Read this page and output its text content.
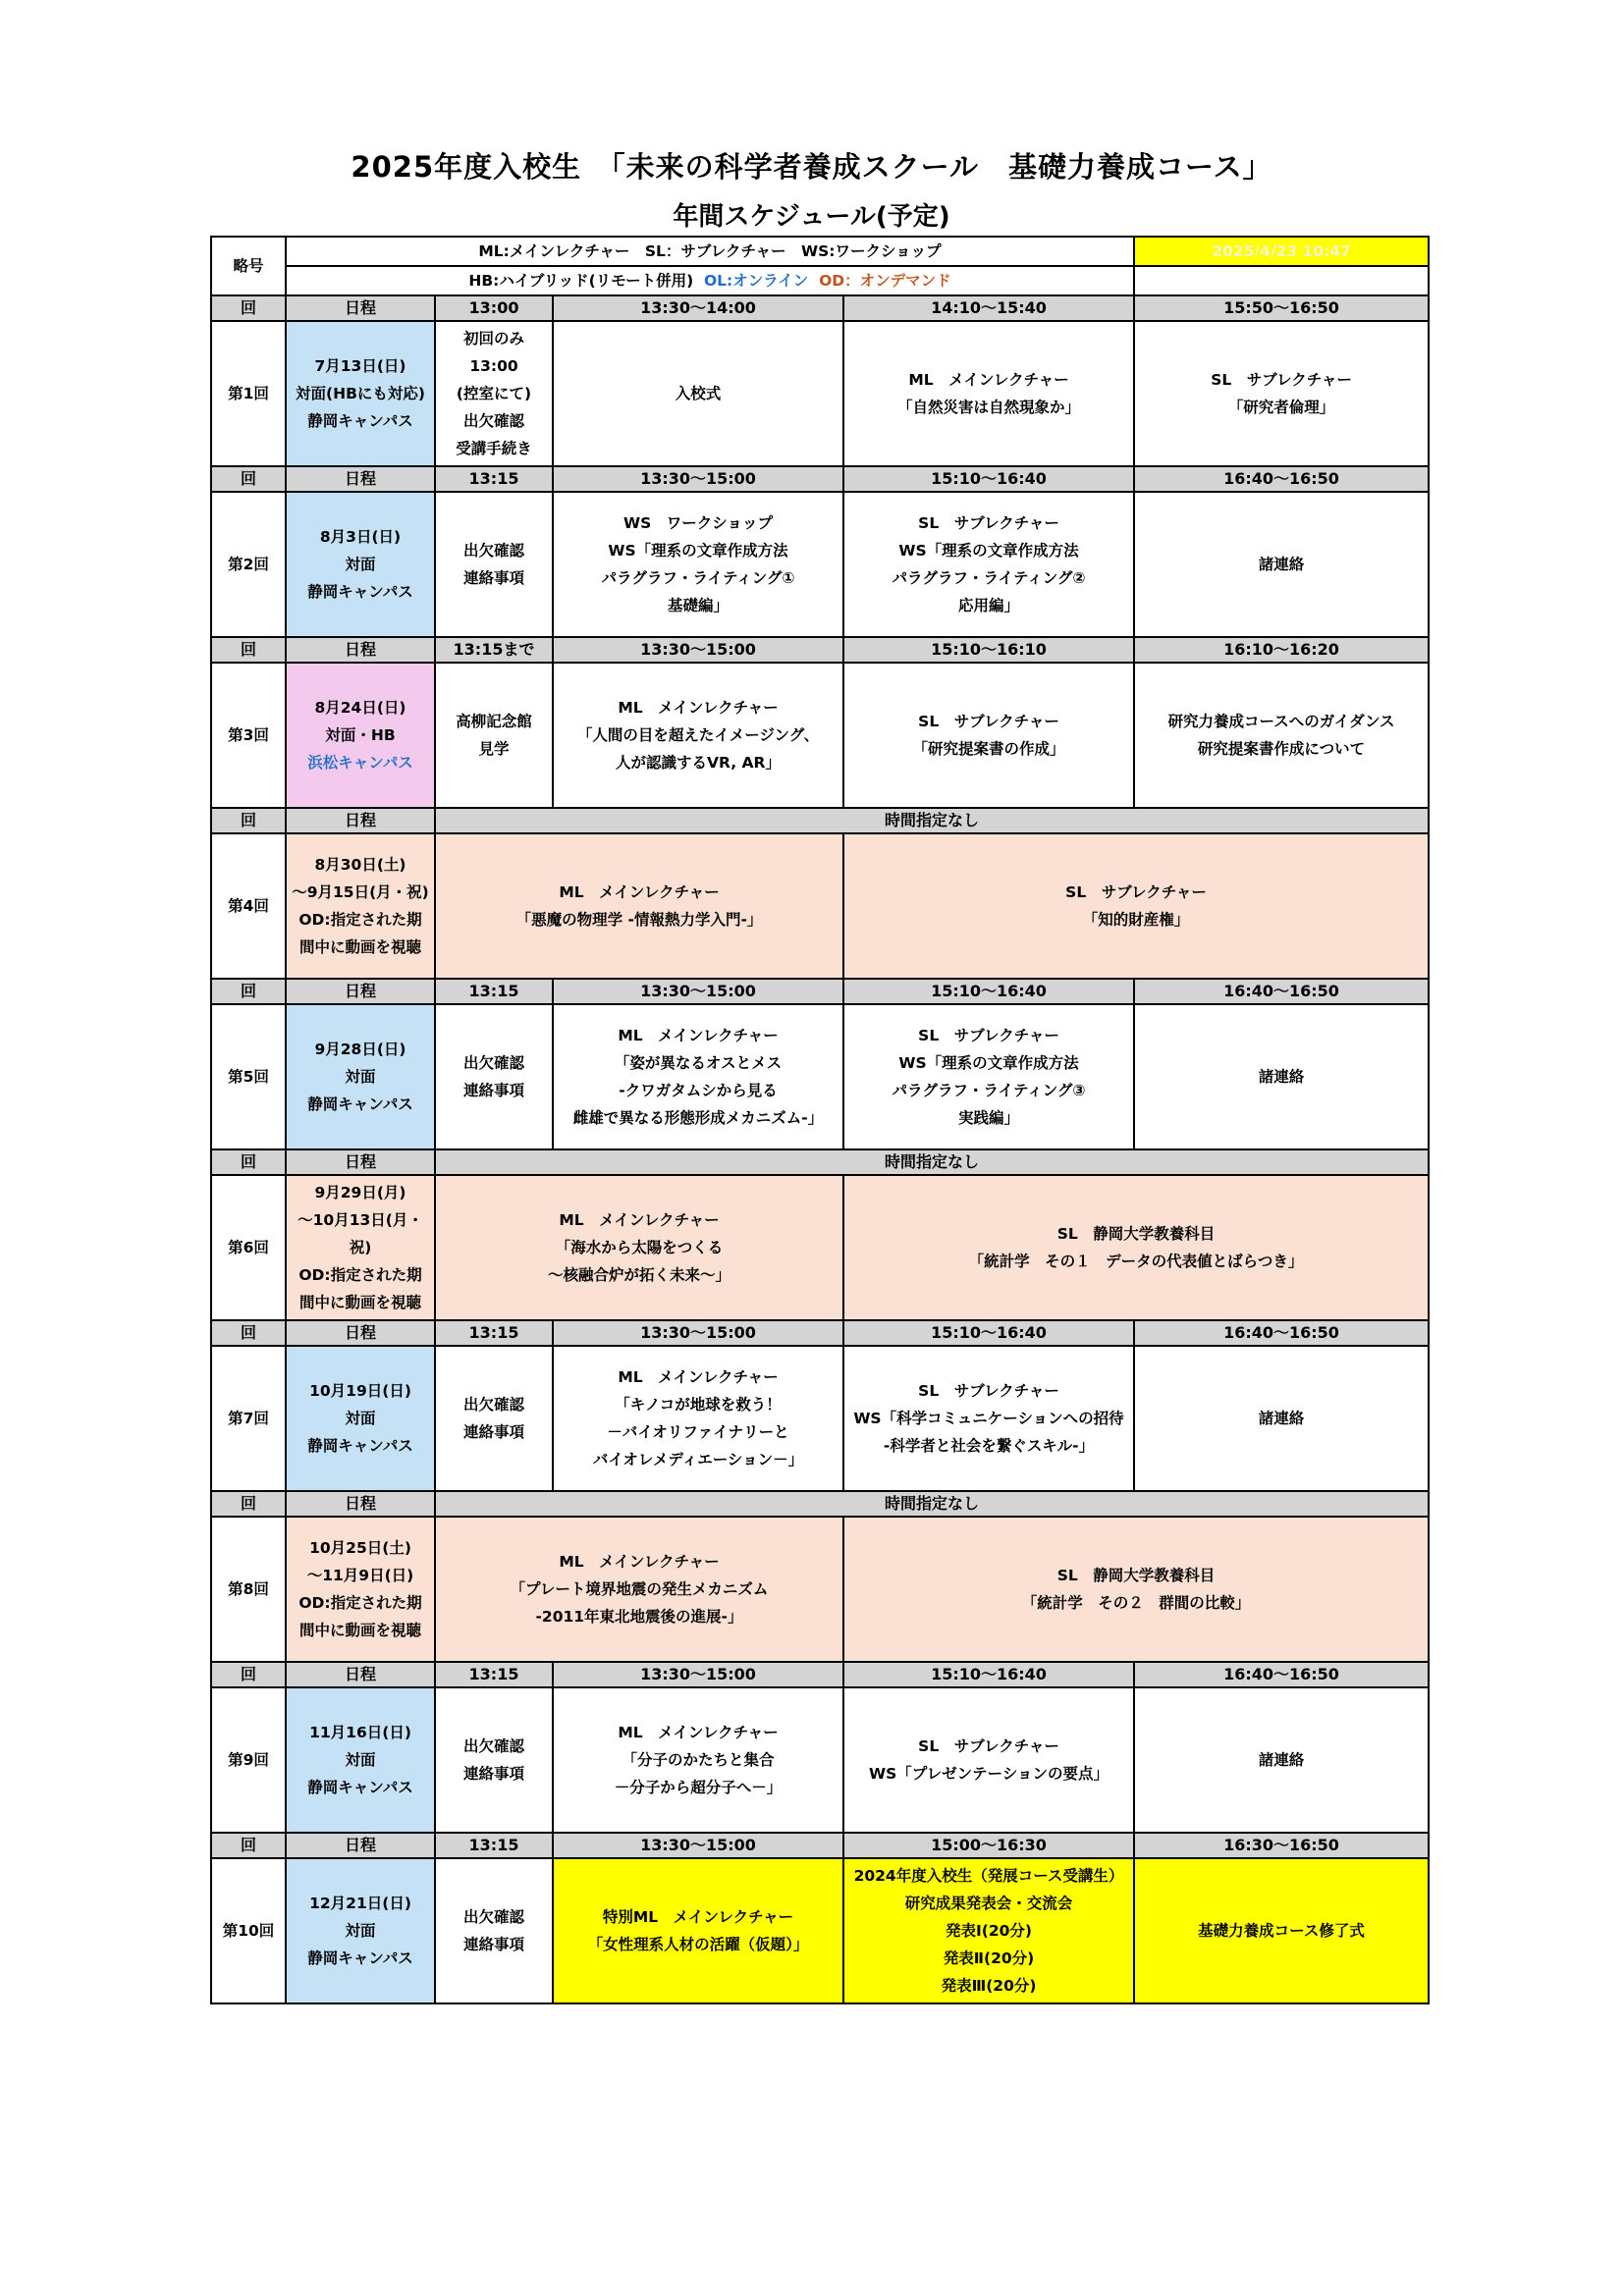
2025年度入校生　「未来の科学者養成スクール　基礎力養成コース」
年間スケジュール(予定)
略号	ML:メインレクチャー　SL：サブレクチャー　WS:ワークショップ				2025/4/23 10:47
	HB:ハイブリッド(リモート併用) OL:オンライン OD：オンデマンド				
回	日程	13:00	13:30～14:00	14:10～15:40	15:50～16:50
第1回	7月13日(日)
対面(HBにも対応)
静岡キャンパス	初回のみ
13:00
(控室にて)
出欠確認
受講手続き	入校式	ML　メインレクチャー
「自然災害は自然現象か」	SL　サブレクチャー
「研究者倫理」

回	日程	13:15	13:30～15:00	15:10～16:40	16:40～16:50
第2回	8月3日(日)
対面
静岡キャンパス	出欠確認
連絡事項	WS　ワークショップ
WS「理系の文章作成方法
パラグラフ・ライティング①
基礎編」	SL　サブレクチャー
WS「理系の文章作成方法
パラグラフ・ライティング②
応用編」	諸連絡

回	日程	13:15まで	13:30～15:00	15:10～16:10	16:10～16:20
第3回	8月24日(日)
対面・HB
浜松キャンパス	高柳記念館
見学	ML　メインレクチャー
「人間の目を超えたイメージング、
人が認識するVR, AR」	SL　サブレクチャー
「研究提案書の作成」	研究力養成コースへのガイダンス
研究提案書作成について

回	日程	時間指定なし			
第4回	8月30日(土)
～9月15日(月・祝)
OD:指定された期
間中に動画を視聴	ML　メインレクチャー
「悪魔の物理学 -情報熱力学入門-」		SL　サブレクチャー
「知的財産権」	

回	日程	13:15	13:30～15:00	15:10～16:40	16:40～16:50
第5回	9月28日(日)
対面
静岡キャンパス	出欠確認
連絡事項	ML　メインレクチャー
「姿が異なるオスとメス
-クワガタムシから見る
雌雄で異なる形態形成メカニズム-」	SL　サブレクチャー
WS「理系の文章作成方法
パラグラフ・ライティング③
実践編」	諸連絡

回	日程	時間指定なし			
第6回	9月29日(月)
～10月13日(月・
祝)
OD:指定された期
間中に動画を視聴	ML　メインレクチャー
「海水から太陽をつくる
～核融合炉が拓く未来～」		SL　静岡大学教養科目
「統計学　その１　データの代表値とばらつき」	

回	日程	13:15	13:30～15:00	15:10～16:40	16:40～16:50
第7回	10月19日(日)
対面
静岡キャンパス	出欠確認
連絡事項	ML　メインレクチャー
「キノコが地球を救う！
－バイオリファイナリーと
バイオレメディエーション－」	SL　サブレクチャー
WS「科学コミュニケーションへの招待
-科学者と社会を繋ぐスキル-」	諸連絡

回	日程	時間指定なし			
第8回	10月25日(土)
～11月9日(日)
OD:指定された期
間中に動画を視聴	ML　メインレクチャー
「プレート境界地震の発生メカニズム
-2011年東北地震後の進展-」		SL　静岡大学教養科目
「統計学　その２　群間の比較」	

回	日程	13:15	13:30～15:00	15:10～16:40	16:40～16:50
第9回	11月16日(日)
対面
静岡キャンパス	出欠確認
連絡事項	ML　メインレクチャー
「分子のかたちと集合
－分子から超分子へ－」	SL　サブレクチャー
WS「プレゼンテーションの要点」	諸連絡

回	日程	13:15	13:30～15:00	15:00～16:30	16:30～16:50
第10回	12月21日(日)
対面
静岡キャンパス	出欠確認
連絡事項	特別ML　メインレクチャー
「女性理系人材の活躍（仮題）」	2024年度入校生（発展コース受講生）
研究成果発表会・交流会
発表Ⅰ(20分)
発表Ⅱ(20分)
発表Ⅲ(20分)	基礎力養成コース修了式
